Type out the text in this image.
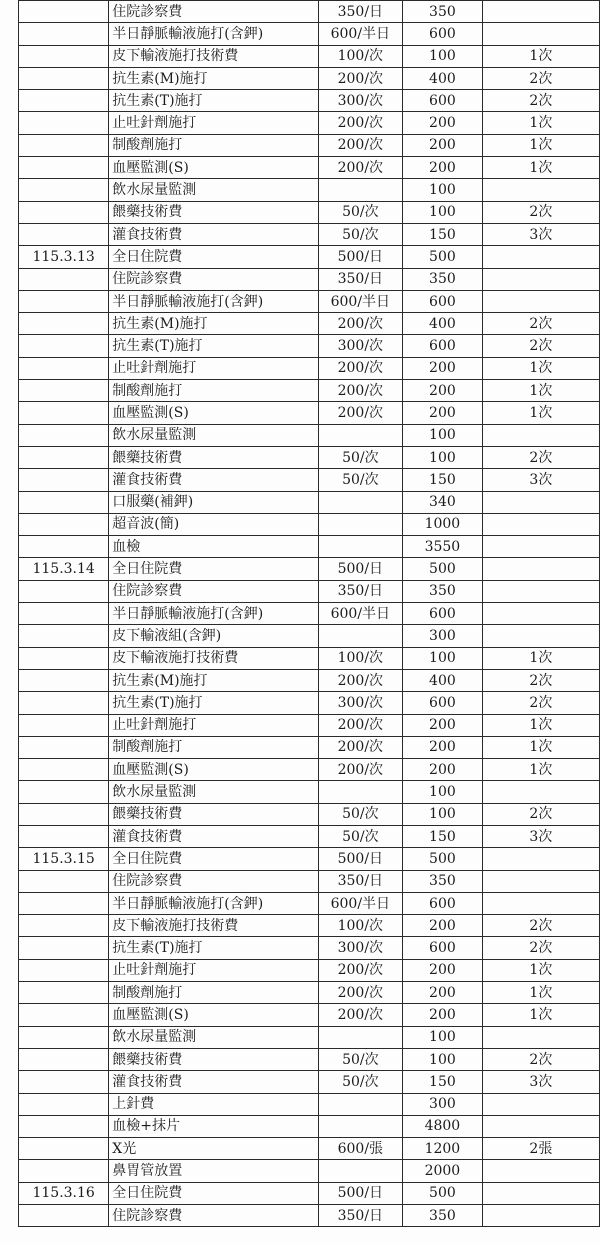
	住院診察費	350/日	350	
	半日靜脈輸液施打(含鉀)	600/半日	600	
	皮下輸液施打技術費	100/次	100	1次
	抗生素(M)施打	200/次	400	2次
	抗生素(T)施打	300/次	600	2次
	止吐針劑施打	200/次	200	1次
	制酸劑施打	200/次	200	1次
	血壓監測(S)	200/次	200	1次
	飲水尿量監測		100	
	餵藥技術費	50/次	100	2次
	灌食技術費	50/次	150	3次
115.3.13	全日住院費	500/日	500	
	住院診察費	350/日	350	
	半日靜脈輸液施打(含鉀)	600/半日	600	
	抗生素(M)施打	200/次	400	2次
	抗生素(T)施打	300/次	600	2次
	止吐針劑施打	200/次	200	1次
	制酸劑施打	200/次	200	1次
	血壓監測(S)	200/次	200	1次
	飲水尿量監測		100	
	餵藥技術費	50/次	100	2次
	灌食技術費	50/次	150	3次
	口服藥(補鉀)		340	
	超音波(簡)		1000	
	血檢		3550	
115.3.14	全日住院費	500/日	500	
	住院診察費	350/日	350	
	半日靜脈輸液施打(含鉀)	600/半日	600	
	皮下輸液組(含鉀)		300	
	皮下輸液施打技術費	100/次	100	1次
	抗生素(M)施打	200/次	400	2次
	抗生素(T)施打	300/次	600	2次
	止吐針劑施打	200/次	200	1次
	制酸劑施打	200/次	200	1次
	血壓監測(S)	200/次	200	1次
	飲水尿量監測		100	
	餵藥技術費	50/次	100	2次
	灌食技術費	50/次	150	3次
115.3.15	全日住院費	500/日	500	
	住院診察費	350/日	350	
	半日靜脈輸液施打(含鉀)	600/半日	600	
	皮下輸液施打技術費	100/次	200	2次
	抗生素(T)施打	300/次	600	2次
	止吐針劑施打	200/次	200	1次
	制酸劑施打	200/次	200	1次
	血壓監測(S)	200/次	200	1次
	飲水尿量監測		100	
	餵藥技術費	50/次	100	2次
	灌食技術費	50/次	150	3次
	上針費		300	
	血檢+抹片		4800	
	X光	600/張	1200	2張
	鼻胃管放置		2000	
115.3.16	全日住院費	500/日	500	
	住院診察費	350/日	350	
